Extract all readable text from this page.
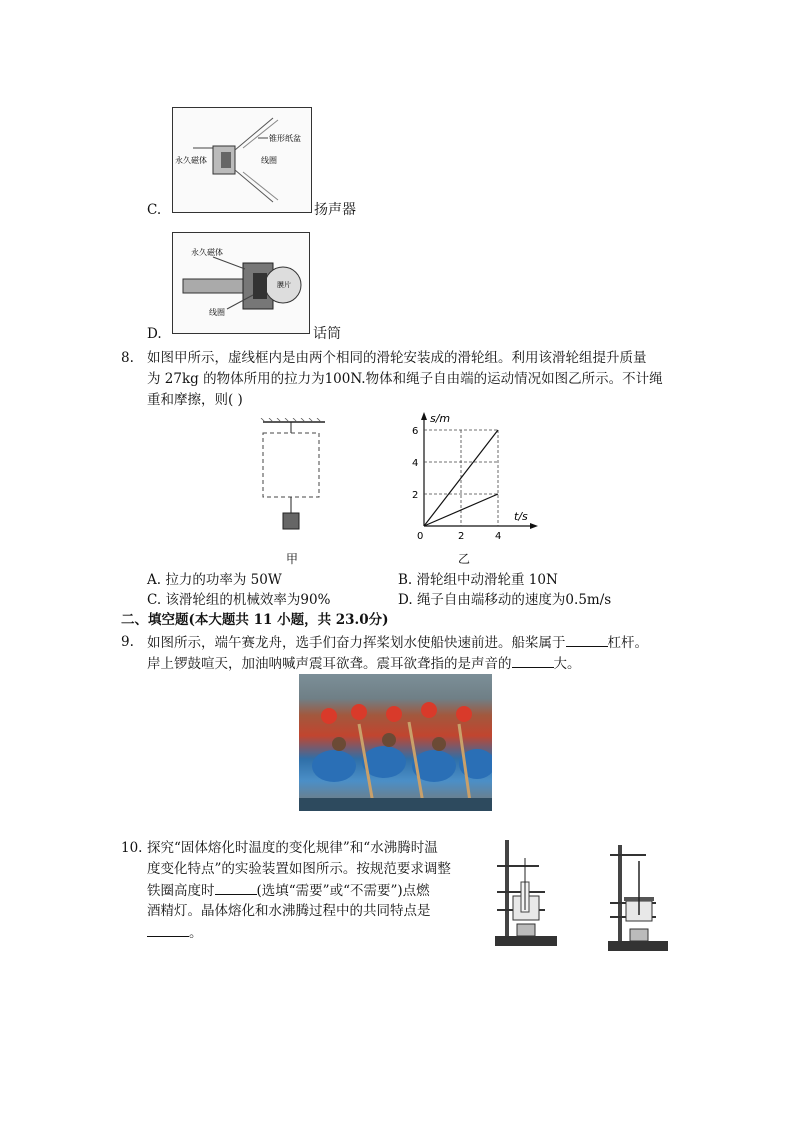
锥形纸盆
永久磁体	线圈
C.	扬声器
永久磁体
膜片
线圈
D.	话筒
8. 如图甲所示，虚线框内是由两个相同的滑轮安装成的滑轮组。利用该滑轮组提升质量
为 27kg 的物体所用的拉力为100N.物体和绳子自由端的运动情况如图乙所示。不计绳
重和摩擦，则( )
甲
s/m
t/s
6
4
2
0	2	4
乙
A. 拉力的功率为 50W	B. 滑轮组中动滑轮重 10N
C. 该滑轮组的机械效率为90%	D. 绳子自由端移动的速度为0.5m/s
二、填空题(本大题共 11 小题，共 23.0分)
9. 如图所示，端午赛龙舟，选手们奋力挥桨划水使船快速前进。船桨属于	杠杆。
岸上锣鼓喧天，加油呐喊声震耳欲聋。震耳欲聋指的是声音的	大。
10. 探究“固体熔化时温度的变化规律”和“水沸腾时温
度变化特点”的实验装置如图所示。按规范要求调整
铁圈高度时	(选填“需要”或“不需要”)点燃
酒精灯。晶体熔化和水沸腾过程中的共同特点是
。
